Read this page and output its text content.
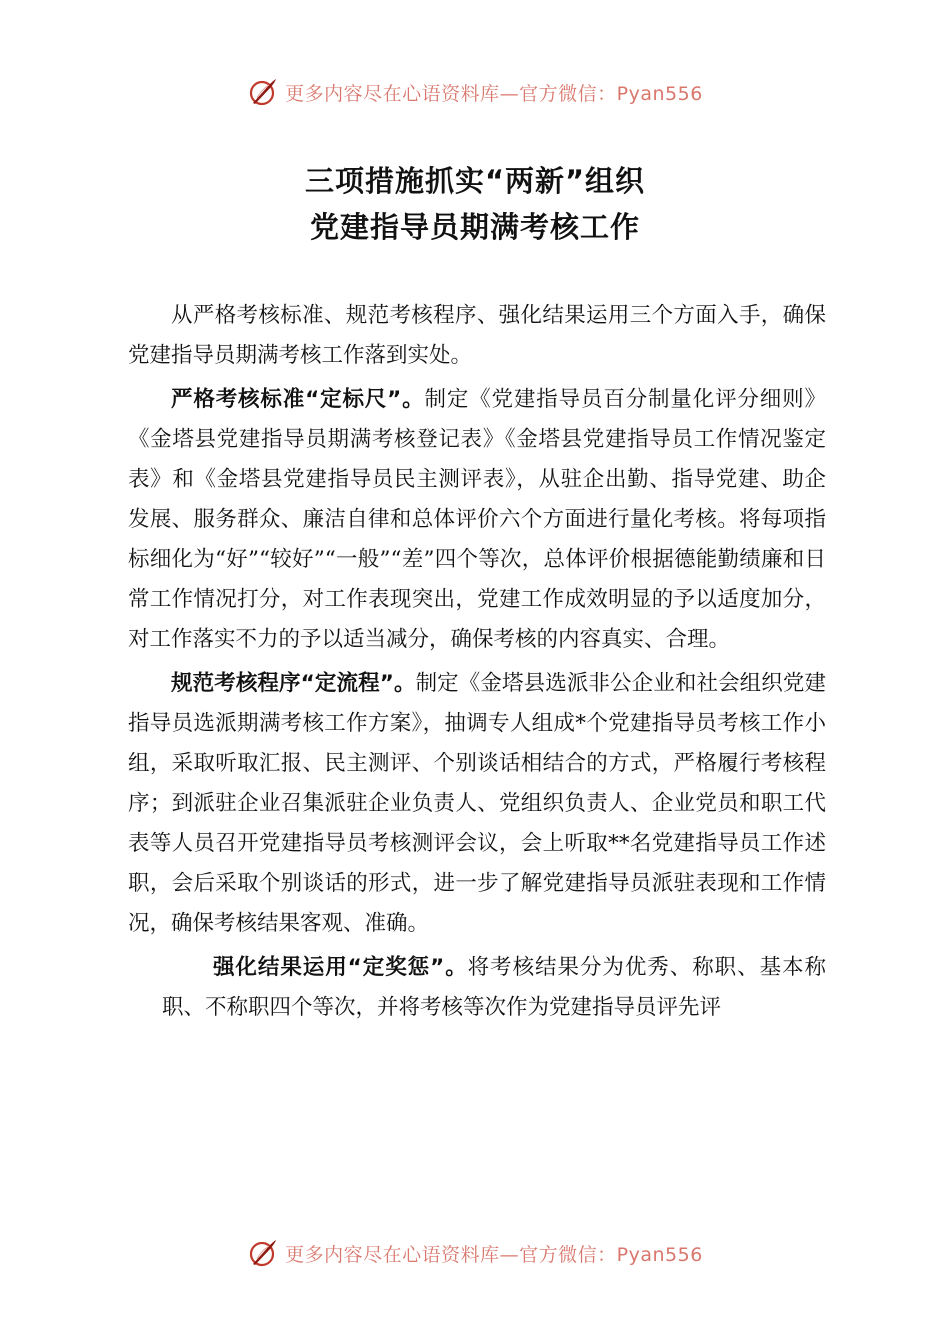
更多内容尽在心语资料库—官方微信：Pyan556
三项措施抓实“两新”组织
党建指导员期满考核工作

从严格考核标准、规范考核程序、强化结果运用三个方面入手，确保党建指导员期满考核工作落到实处。

严格考核标准“定标尺”。制定《党建指导员百分制量化评分细则》《金塔县党建指导员期满考核登记表》《金塔县党建指导员工作情况鉴定表》和《金塔县党建指导员民主测评表》，从驻企出勤、指导党建、助企发展、服务群众、廉洁自律和总体评价六个方面进行量化考核。将每项指标细化为“好”“较好”“一般”“差”四个等次，总体评价根据德能勤绩廉和日常工作情况打分，对工作表现突出，党建工作成效明显的予以适度加分，对工作落实不力的予以适当减分，确保考核的内容真实、合理。

规范考核程序“定流程”。制定《金塔县选派非公企业和社会组织党建指导员选派期满考核工作方案》，抽调专人组成*个党建指导员考核工作小组，采取听取汇报、民主测评、个别谈话相结合的方式，严格履行考核程序；到派驻企业召集派驻企业负责人、党组织负责人、企业党员和职工代表等人员召开党建指导员考核测评会议，会上听取**名党建指导员工作述职，会后采取个别谈话的形式，进一步了解党建指导员派驻表现和工作情况，确保考核结果客观、准确。

强化结果运用“定奖惩”。将考核结果分为优秀、称职、基本称职、不称职四个等次，并将考核等次作为党建指导员评先评

更多内容尽在心语资料库—官方微信：Pyan556
